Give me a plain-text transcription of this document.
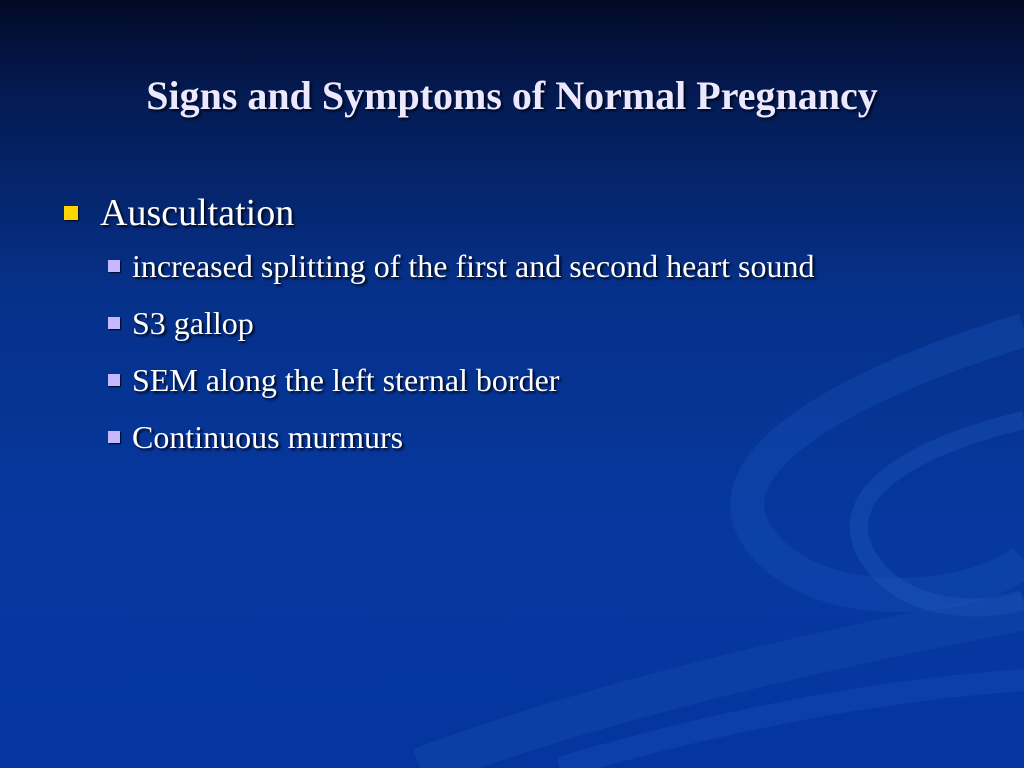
Signs and Symptoms of Normal Pregnancy
Auscultation
increased splitting of the first and second heart sound
S3 gallop
SEM along the left sternal border
Continuous murmurs
